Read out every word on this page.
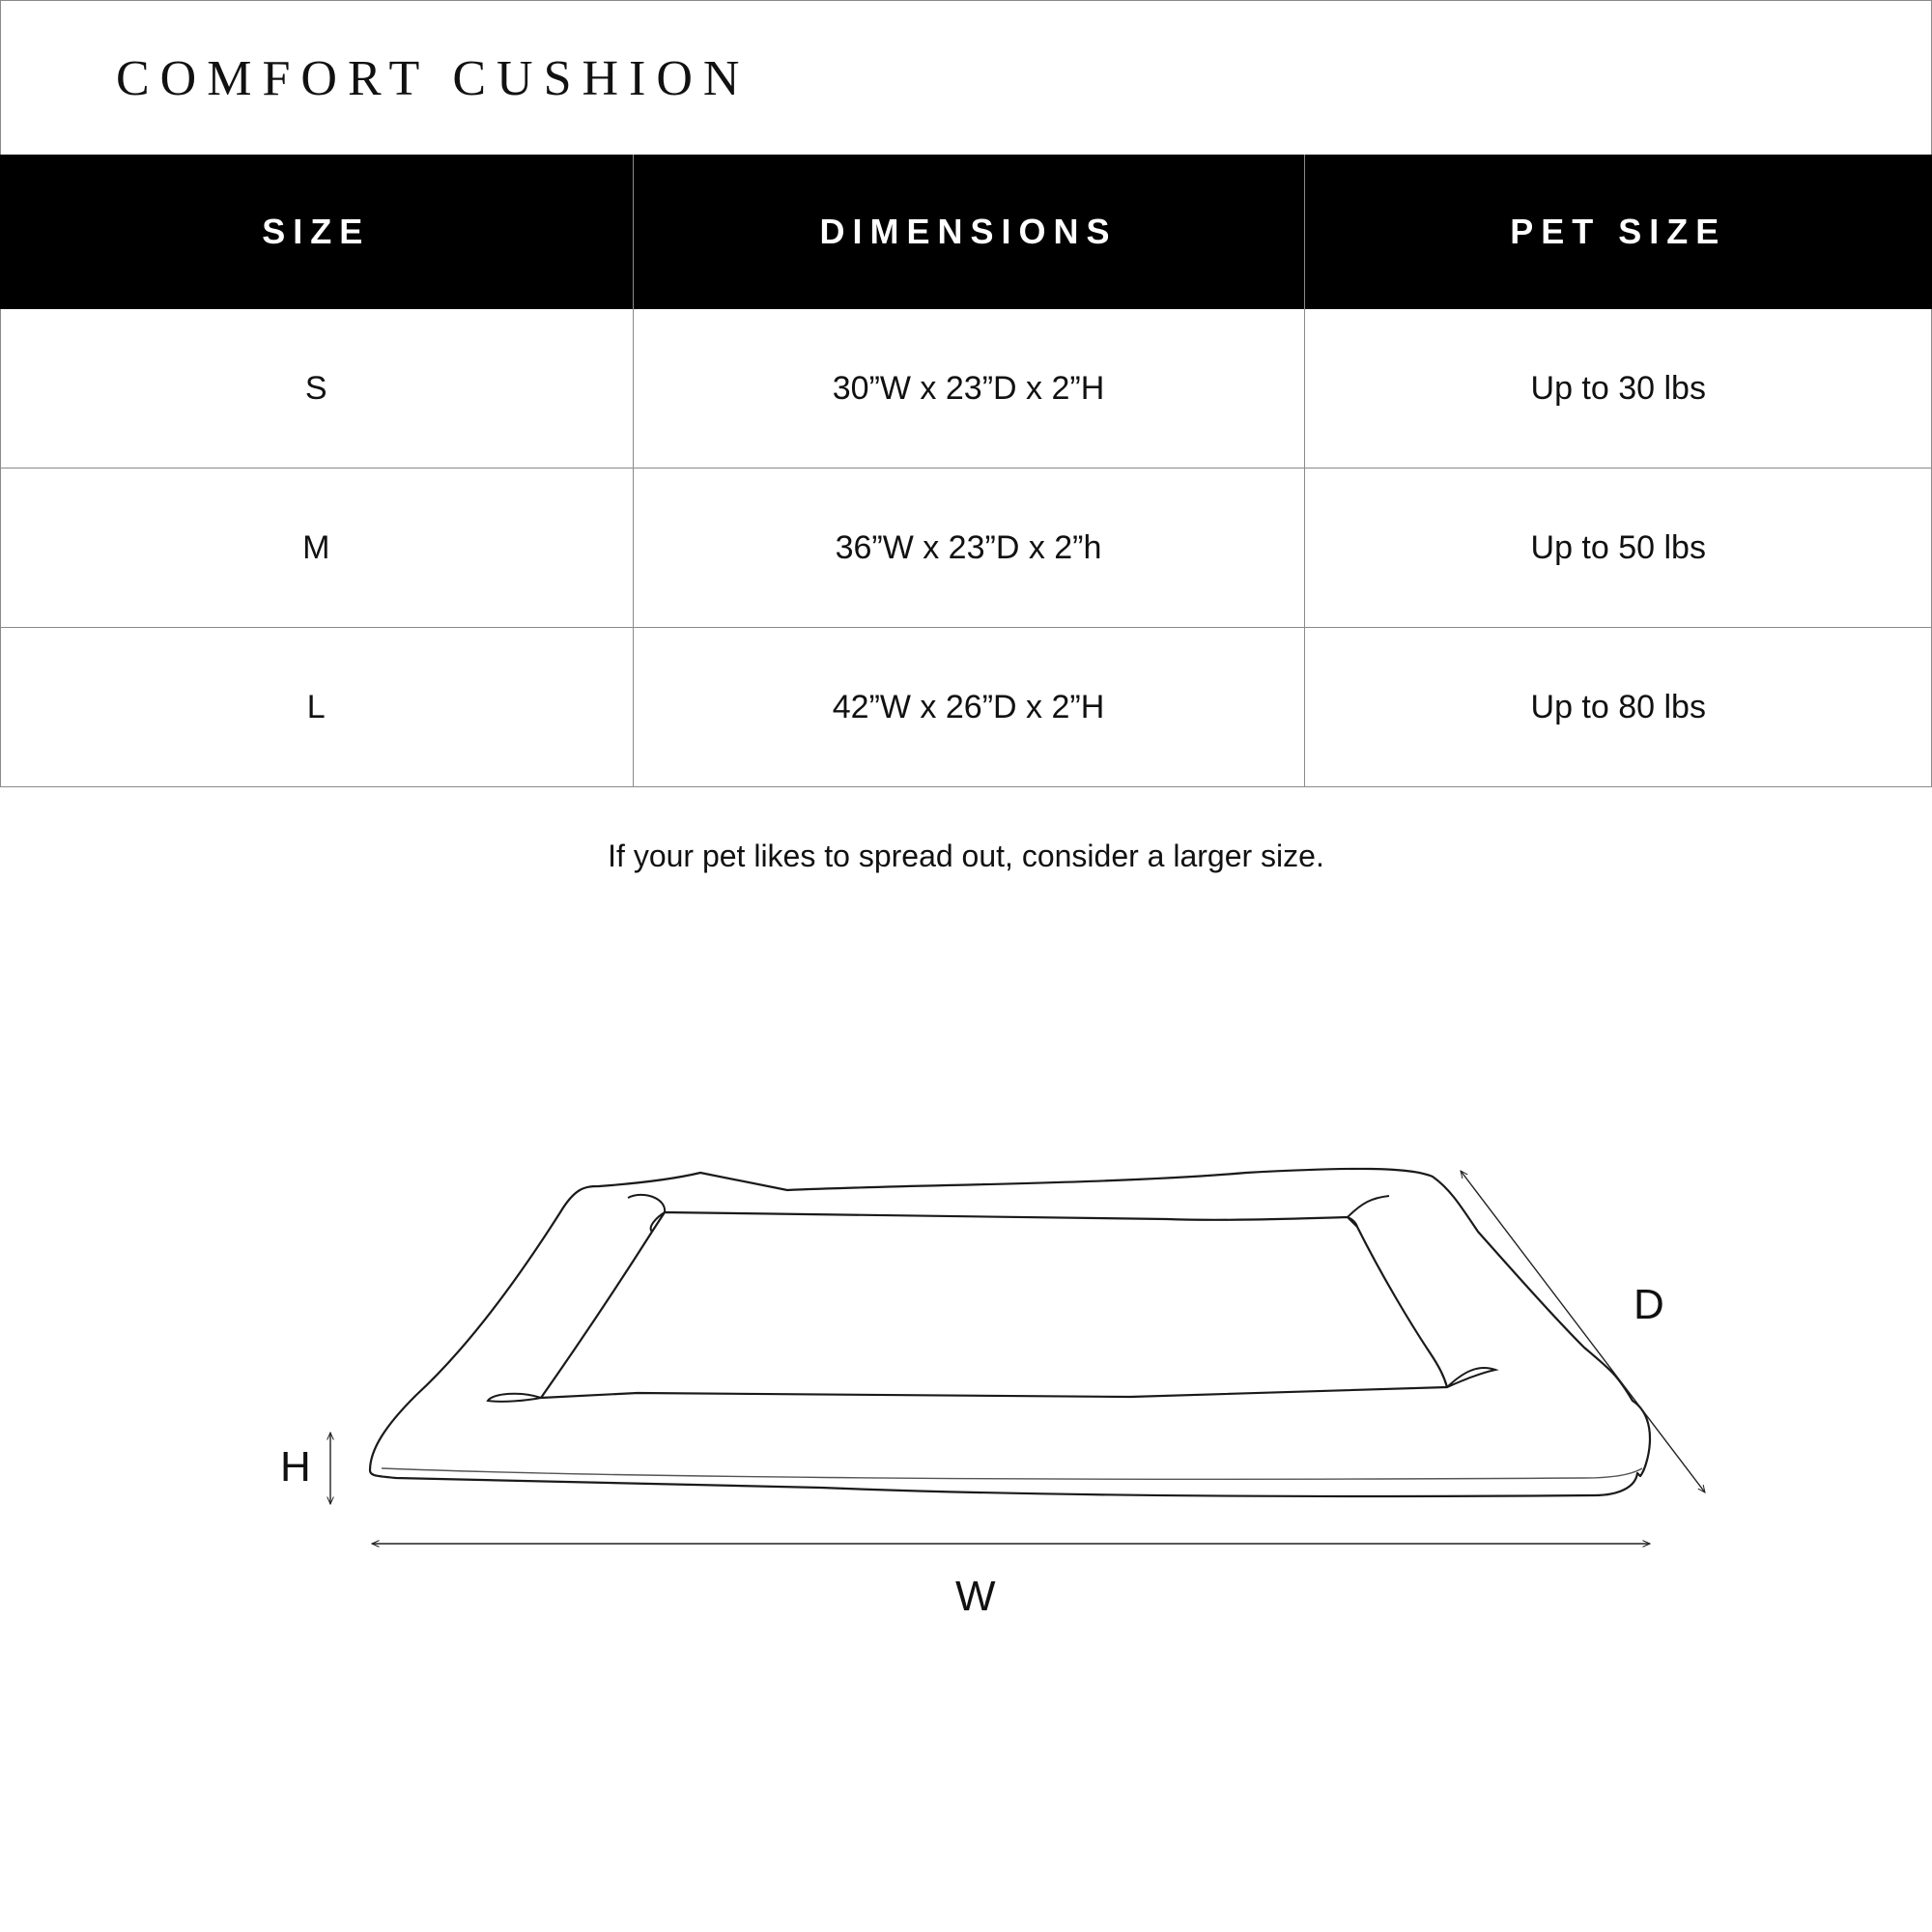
COMFORT CUSHION
SIZE	DIMENSIONS	PET SIZE
S	30”W x 23”D x 2”H	Up to 30 lbs
M	36”W x 23”D x 2”h	Up to 50 lbs
L	42”W x 26”D x 2”H	Up to 80 lbs
If your pet likes to spread out, consider a larger size.
W
D
H
